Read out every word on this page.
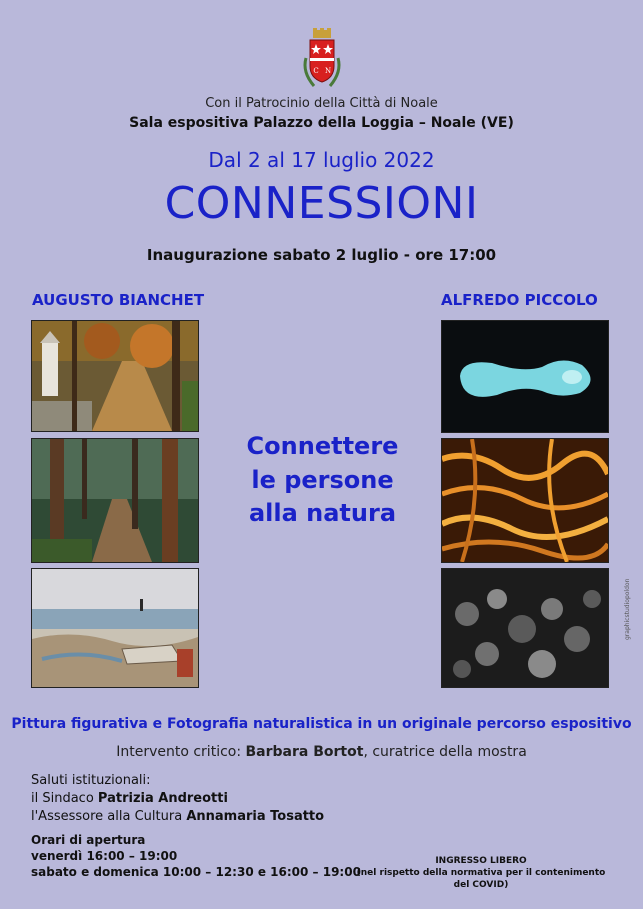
C N
Con il Patrocinio della Città di Noale
Sala espositiva Palazzo della Loggia – Noale (VE)
Dal 2 al 17 luglio 2022
CONNESSIONI
Inaugurazione sabato 2 luglio - ore 17:00
AUGUSTO BIANCHET	ALFREDO PICCOLO
graphicstudiopoldon
Connettere
le persone
alla natura
Pittura figurativa e Fotografia naturalistica in un originale percorso espositivo
Intervento critico: Barbara Bortot, curatrice della mostra
Saluti istituzionali:
il Sindaco Patrizia Andreotti
l'Assessore alla Cultura Annamaria Tosatto
Orari di apertura
venerdì 16:00 – 19:00
sabato e domenica 10:00 – 12:30 e 16:00 – 19:00
INGRESSO LIBERO
(nel rispetto della normativa per il contenimento del COVID)
